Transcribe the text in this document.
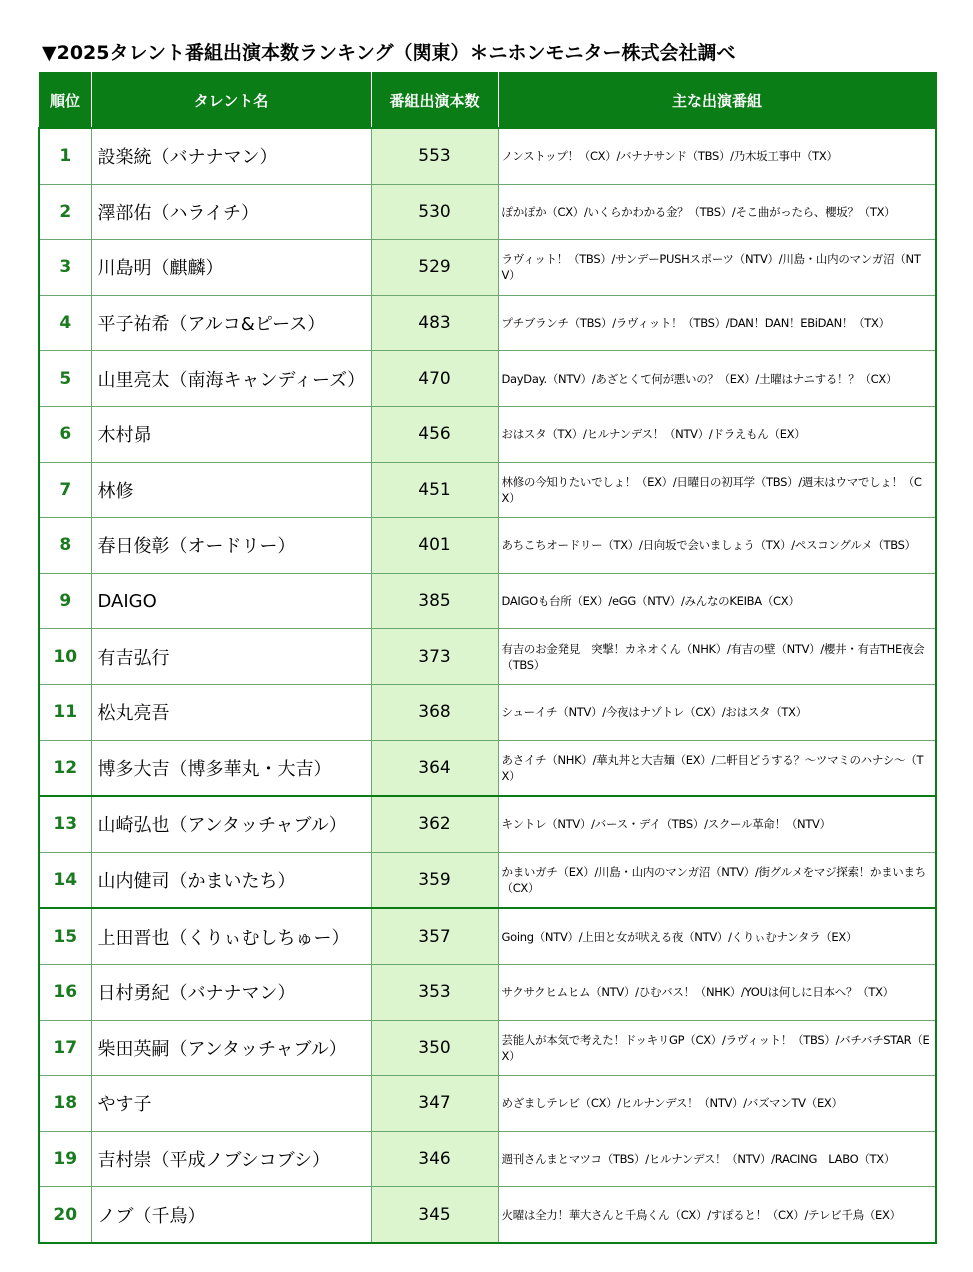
▼2025タレント番組出演本数ランキング（関東）＊ニホンモニター株式会社調べ
順位	タレント名	番組出演本数	主な出演番組
1	設楽統（バナナマン）	553	ノンストップ！（CX）/バナナサンド（TBS）/乃木坂工事中（TX）
2	澤部佑（ハライチ）	530	ぽかぽか（CX）/いくらかわかる金？（TBS）/そこ曲がったら、櫻坂？（TX）
3	川島明（麒麟）	529	ラヴィット！（TBS）/サンデーPUSHスポーツ（NTV）/川島・山内のマンガ沼（NTV）
4	平子祐希（アルコ&ピース）	483	プチブランチ（TBS）/ラヴィット！（TBS）/DAN！DAN！EBiDAN！（TX）
5	山里亮太（南海キャンディーズ）	470	DayDay.（NTV）/あざとくて何が悪いの？（EX）/土曜はナニする！？（CX）
6	木村昴	456	おはスタ（TX）/ヒルナンデス！（NTV）/ドラえもん（EX）
7	林修	451	林修の今知りたいでしょ！（EX）/日曜日の初耳学（TBS）/週末はウマでしょ！（CX）
8	春日俊彰（オードリー）	401	あちこちオードリー（TX）/日向坂で会いましょう（TX）/ペスコングルメ（TBS）
9	DAIGO	385	DAIGOも台所（EX）/eGG（NTV）/みんなのKEIBA（CX）
10	有吉弘行	373	有吉のお金発見　突撃！カネオくん（NHK）/有吉の壁（NTV）/櫻井・有吉THE夜会（TBS）
11	松丸亮吾	368	シューイチ（NTV）/今夜はナゾトレ（CX）/おはスタ（TX）
12	博多大吉（博多華丸・大吉）	364	あさイチ（NHK）/華丸丼と大吉麺（EX）/二軒目どうする？～ツマミのハナシ～（TX）
13	山崎弘也（アンタッチャブル）	362	キントレ（NTV）/バース・デイ（TBS）/スクール革命！（NTV）
14	山内健司（かまいたち）	359	かまいガチ（EX）/川島・山内のマンガ沼（NTV）/街グルメをマジ探索！かまいまち（CX）
15	上田晋也（くりぃむしちゅー）	357	Going（NTV）/上田と女が吠える夜（NTV）/くりぃむナンタラ（EX）
16	日村勇紀（バナナマン）	353	サクサクヒムヒム（NTV）/ひむバス！（NHK）/YOUは何しに日本へ？（TX）
17	柴田英嗣（アンタッチャブル）	350	芸能人が本気で考えた！ドッキリGP（CX）/ラヴィット！（TBS）/バチバチSTAR（EX）
18	やす子	347	めざましテレビ（CX）/ヒルナンデス！（NTV）/バズマンTV（EX）
19	吉村崇（平成ノブシコブシ）	346	週刊さんまとマツコ（TBS）/ヒルナンデス！（NTV）/RACING　LABO（TX）
20	ノブ（千鳥）	345	火曜は全力！華大さんと千鳥くん（CX）/すぽると！（CX）/テレビ千鳥（EX）
